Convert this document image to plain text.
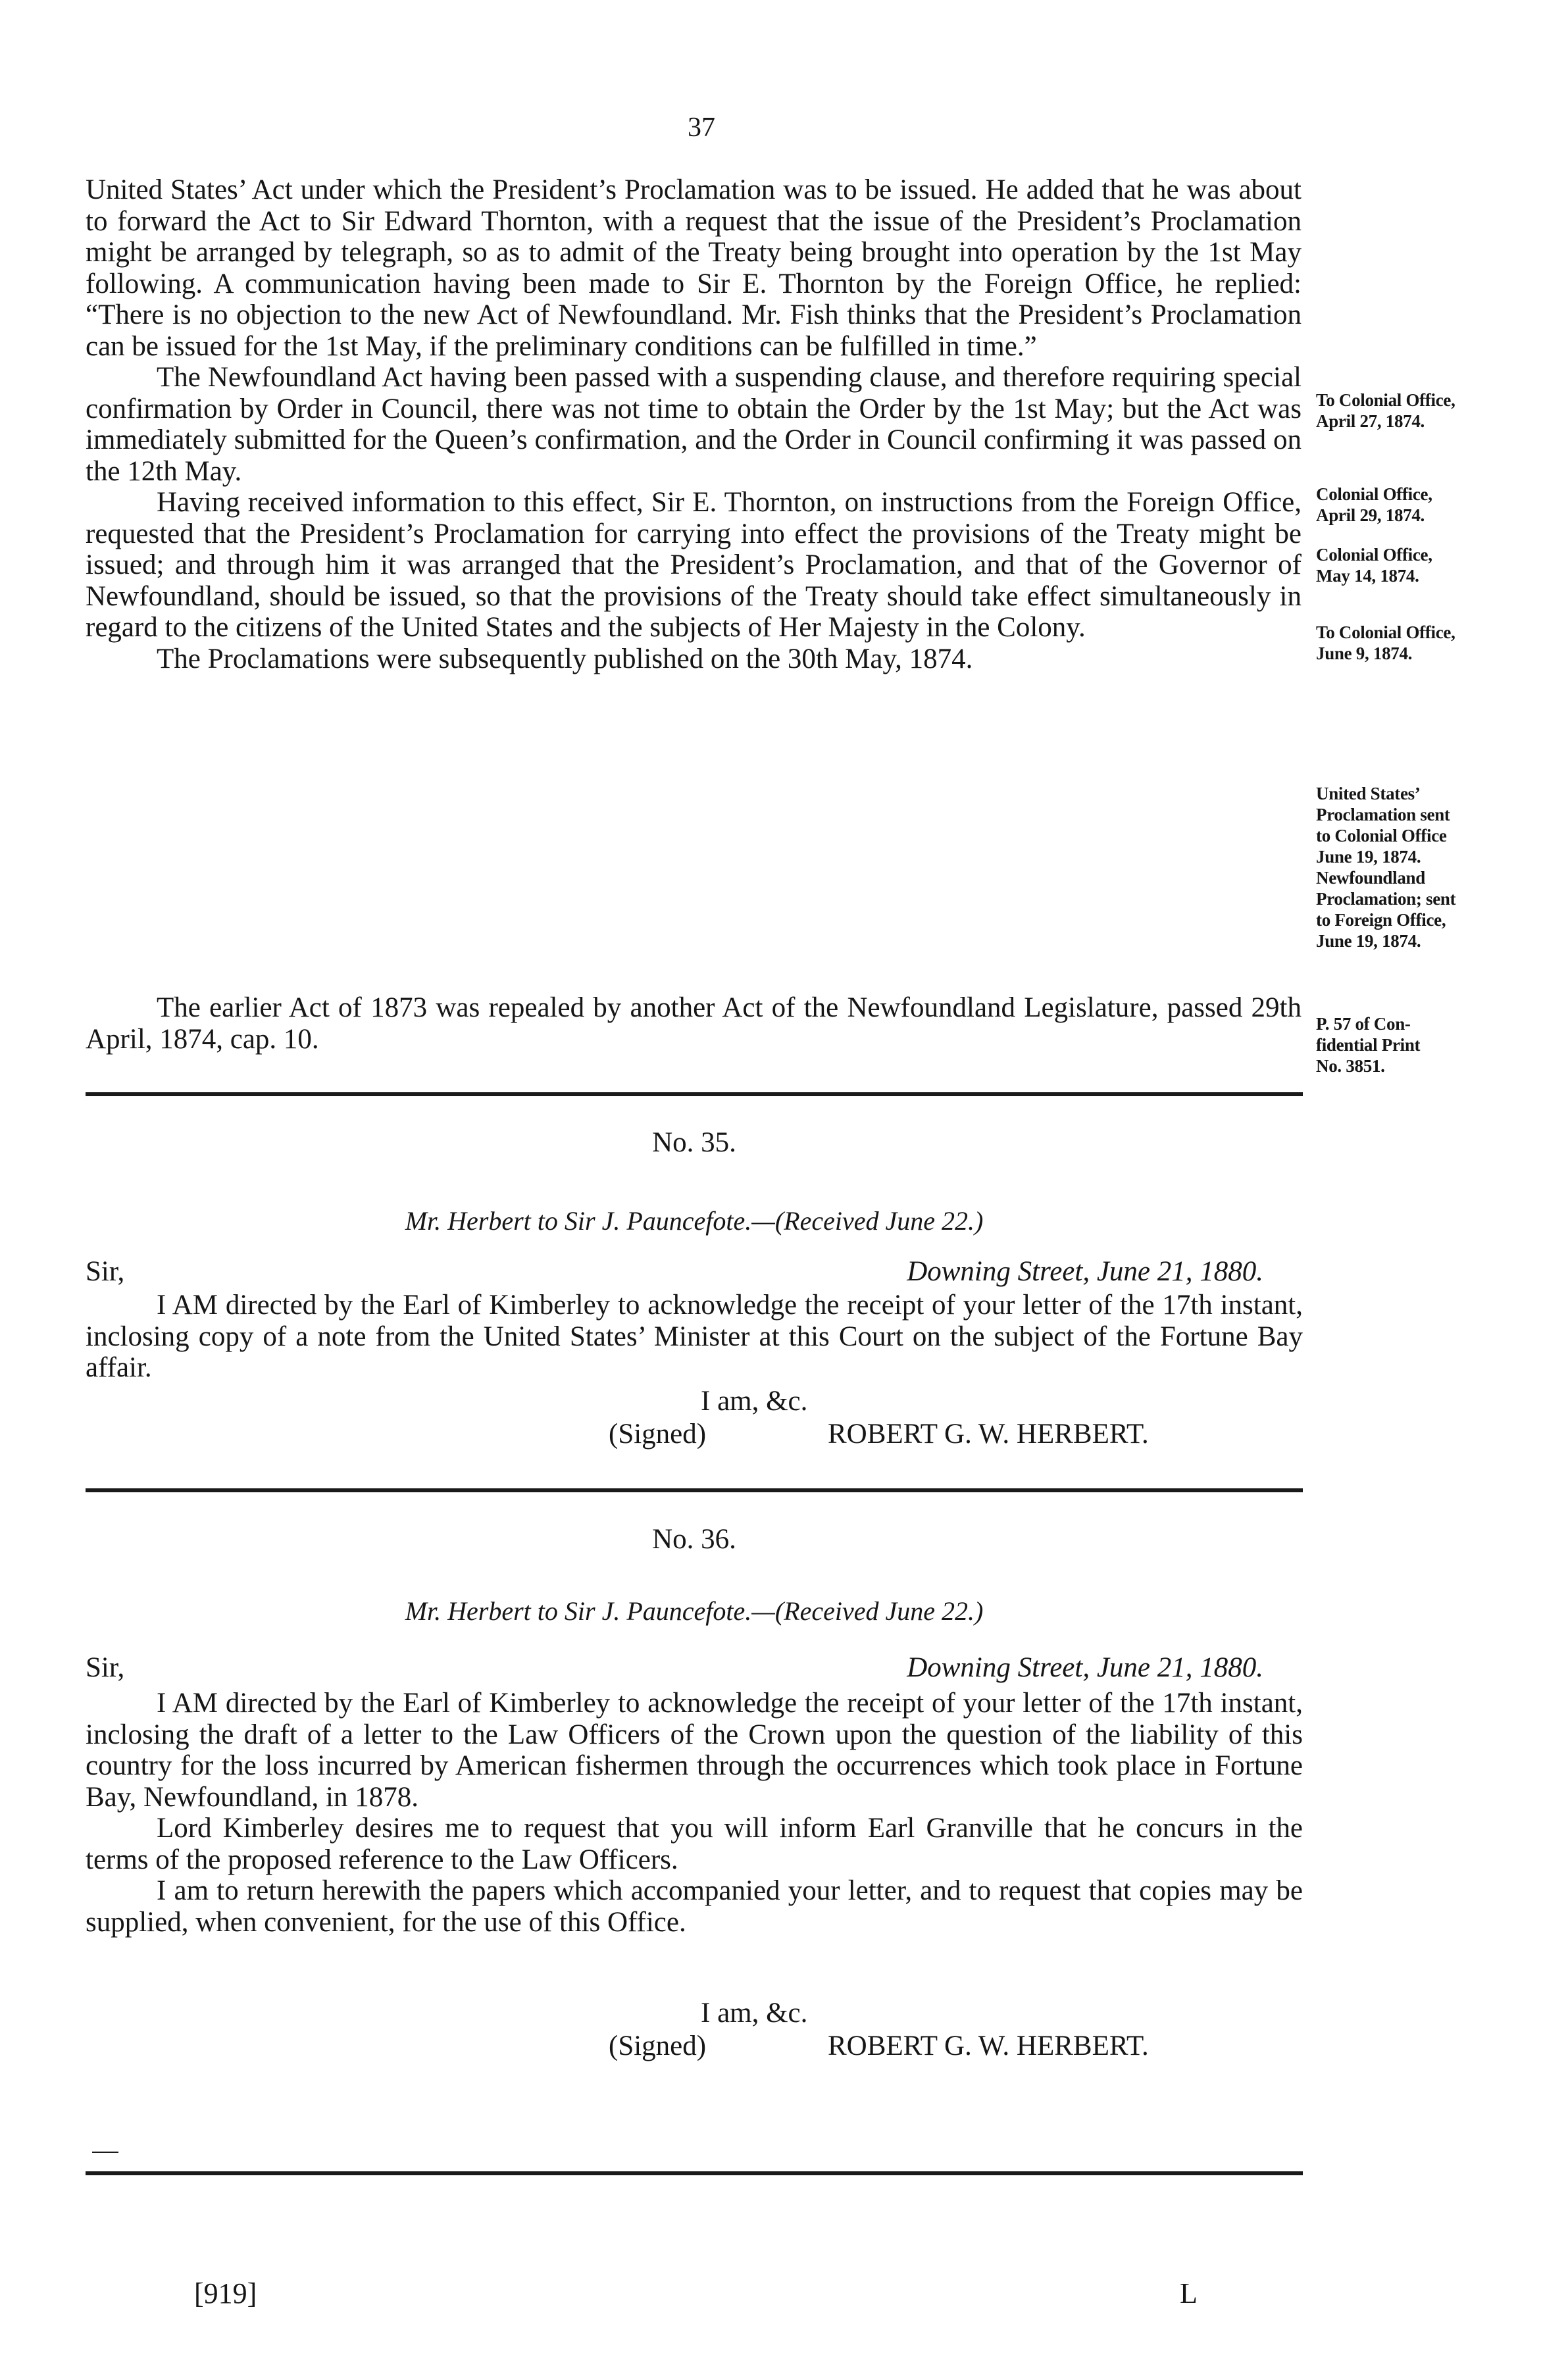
37

United States’ Act under which the President’s Proclamation was to be issued. He added that he was about to forward the Act to Sir Edward Thornton, with a request that the issue of the President’s Proclamation might be arranged by telegraph, so as to admit of the Treaty being brought into operation by the 1st May following. A communication having been made to Sir E. Thornton by the Foreign Office, he replied: “There is no objection to the new Act of Newfoundland. Mr. Fish thinks that the President’s Proclamation can be issued for the 1st May, if the preliminary conditions can be fulfilled in time.”

The Newfoundland Act having been passed with a suspending clause, and therefore requiring special confirmation by Order in Council, there was not time to obtain the Order by the 1st May; but the Act was immediately submitted for the Queen’s confirmation, and the Order in Council confirming it was passed on the 12th May.

Having received information to this effect, Sir E. Thornton, on instructions from the Foreign Office, requested that the President’s Proclamation for carrying into effect the provisions of the Treaty might be issued; and through him it was arranged that the President’s Proclamation, and that of the Governor of Newfoundland, should be issued, so that the provisions of the Treaty should take effect simultaneously in regard to the citizens of the United States and the subjects of Her Majesty in the Colony.

The Proclamations were subsequently published on the 30th May, 1874.

The earlier Act of 1873 was repealed by another Act of the Newfoundland Legislature, passed 29th April, 1874, cap. 10.

To Colonial Office,
April 27, 1874.
Colonial Office,
April 29, 1874.
Colonial Office,
May 14, 1874.
To Colonial Office,
June 9, 1874.
United States’
Proclamation sent
to Colonial Office
June 19, 1874.
Newfoundland
Proclamation; sent
to Foreign Office,
June 19, 1874.
P. 57 of Con-
fidential Print
No. 3851.
No. 35.
Mr. Herbert to Sir J. Pauncefote.—(Received June 22.)
Sir,	Downing Street, June 21, 1880.

I AM directed by the Earl of Kimberley to acknowledge the receipt of your letter of the 17th instant, inclosing copy of a note from the United States’ Minister at this Court on the subject of the Fortune Bay affair.

I am, &c.
(Signed)	ROBERT G. W. HERBERT.
No. 36.
Mr. Herbert to Sir J. Pauncefote.—(Received June 22.)
Sir,	Downing Street, June 21, 1880.

I AM directed by the Earl of Kimberley to acknowledge the receipt of your letter of the 17th instant, inclosing the draft of a letter to the Law Officers of the Crown upon the question of the liability of this country for the loss incurred by American fishermen through the occurrences which took place in Fortune Bay, Newfoundland, in 1878.

Lord Kimberley desires me to request that you will inform Earl Granville that he concurs in the terms of the proposed reference to the Law Officers.

I am to return herewith the papers which accompanied your letter, and to request that copies may be supplied, when convenient, for the use of this Office.

I am, &c.
(Signed)	ROBERT G. W. HERBERT.
[919]	L
